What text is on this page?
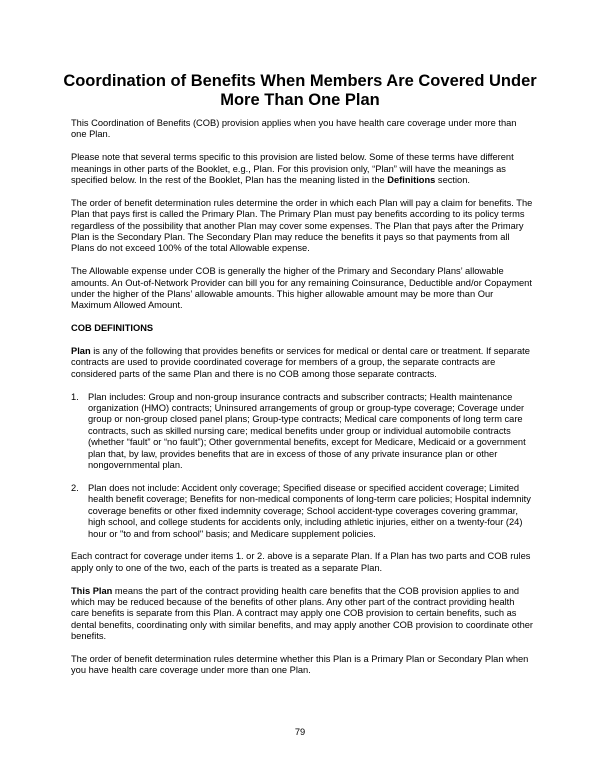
Coordination of Benefits When Members Are Covered Under More Than One Plan

This Coordination of Benefits (COB) provision applies when you have health care coverage under more than one Plan.

Please note that several terms specific to this provision are listed below. Some of these terms have different meanings in other parts of the Booklet, e.g., Plan. For this provision only, “Plan” will have the meanings as specified below. In the rest of the Booklet, Plan has the meaning listed in the Definitions section.

The order of benefit determination rules determine the order in which each Plan will pay a claim for benefits. The Plan that pays first is called the Primary Plan. The Primary Plan must pay benefits according to its policy terms regardless of the possibility that another Plan may cover some expenses. The Plan that pays after the Primary Plan is the Secondary Plan. The Secondary Plan may reduce the benefits it pays so that payments from all Plans do not exceed 100% of the total Allowable expense.

The Allowable expense under COB is generally the higher of the Primary and Secondary Plans’ allowable amounts. An Out-of-Network Provider can bill you for any remaining Coinsurance, Deductible and/or Copayment under the higher of the Plans’ allowable amounts. This higher allowable amount may be more than Our Maximum Allowed Amount.

COB DEFINITIONS

Plan is any of the following that provides benefits or services for medical or dental care or treatment. If separate contracts are used to provide coordinated coverage for members of a group, the separate contracts are considered parts of the same Plan and there is no COB among those separate contracts.

1. Plan includes: Group and non-group insurance contracts and subscriber contracts; Health maintenance organization (HMO) contracts; Uninsured arrangements of group or group-type coverage; Coverage under group or non-group closed panel plans; Group-type contracts; Medical care components of long term care contracts, such as skilled nursing care; medical benefits under group or individual automobile contracts (whether “fault” or “no fault”); Other governmental benefits, except for Medicare, Medicaid or a government plan that, by law, provides benefits that are in excess of those of any private insurance plan or other nongovernmental plan.
2. Plan does not include: Accident only coverage; Specified disease or specified accident coverage; Limited health benefit coverage; Benefits for non-medical components of long-term care policies; Hospital indemnity coverage benefits or other fixed indemnity coverage; School accident-type coverages covering grammar, high school, and college students for accidents only, including athletic injuries, either on a twenty-four (24) hour or "to and from school" basis; and Medicare supplement policies.

Each contract for coverage under items 1. or 2. above is a separate Plan. If a Plan has two parts and COB rules apply only to one of the two, each of the parts is treated as a separate Plan.

This Plan means the part of the contract providing health care benefits that the COB provision applies to and which may be reduced because of the benefits of other plans. Any other part of the contract providing health care benefits is separate from this Plan. A contract may apply one COB provision to certain benefits, such as dental benefits, coordinating only with similar benefits, and may apply another COB provision to coordinate other benefits.

The order of benefit determination rules determine whether this Plan is a Primary Plan or Secondary Plan when you have health care coverage under more than one Plan.

79
